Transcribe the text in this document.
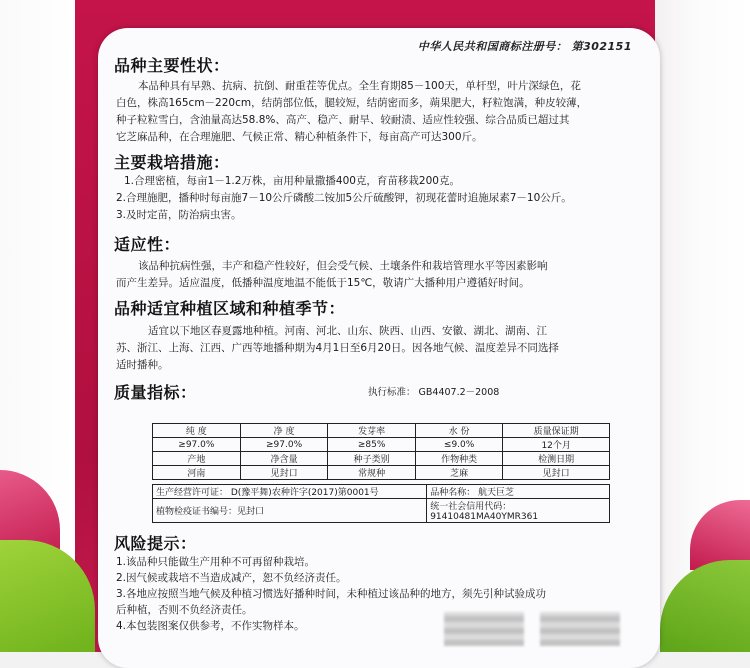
中华人民共和国商标注册号： 第302151
品种主要性状：
本品种具有早熟、抗病、抗倒、耐重茬等优点。全生育期85－100天，单杆型，叶片深绿色，花
白色，株高165cm－220cm，结荫部位低，腿较短，结荫密而多，蒴果肥大，籽粒饱满，种皮较薄，
种子粒粒雪白，含油量高达58.8%、高产、稳产、耐旱、较耐渍、适应性较强、综合品质已超过其
它芝麻品种，在合理施肥、气候正常、精心种植条件下，每亩高产可达300斤。
主要栽培措施：
1.合理密植，每亩1－1.2万株，亩用种量撒播400克，育苗移栽200克。
2.合理施肥，播种时每亩施7－10公斤磷酸二铵加5公斤硫酸钾，初现花蕾时追施尿素7－10公斤。
3.及时定苗，防治病虫害。
适应性：
该品种抗病性强，丰产和稳产性较好，但会受气候、土壤条件和栽培管理水平等因素影响
而产生差异。适应温度，低播种温度地温不能低于15℃，敬请广大播种用户遵循好时间。
品种适宜种植区域和种植季节：
适宜以下地区春夏露地种植。河南、河北、山东、陕西、山西、安徽、湖北、湖南、江
苏、浙江、上海、江西、广西等地播种期为4月1日至6月20日。因各地气候、温度差异不同选择
适时播种。
质量指标：	执行标准： GB4407.2－2008
纯 度	净 度	发芽率	水 份	质量保证期
≥97.0%	≥97.0%	≥85%	≤9.0%	12个月
产地	净含量	种子类别	作物种类	检测日期
河南	见封口	常规种	芝麻	见封口
生产经营许可证： D(豫平舞)农种许字(2017)第0001号	品种名称： 航天巨芝
植物检疫证书编号：见封口	统一社会信用代码： 91410481MA40YMR361
风险提示：
1.该品种只能做生产用种不可再留种栽培。
2.因气候或栽培不当造成减产，恕不负经济责任。
3.各地应按照当地气候及种植习惯选好播种时间，未种植过该品种的地方，须先引种试验成功
后种植，否则不负经济责任。
4.本包装图案仅供参考，不作实物样本。
